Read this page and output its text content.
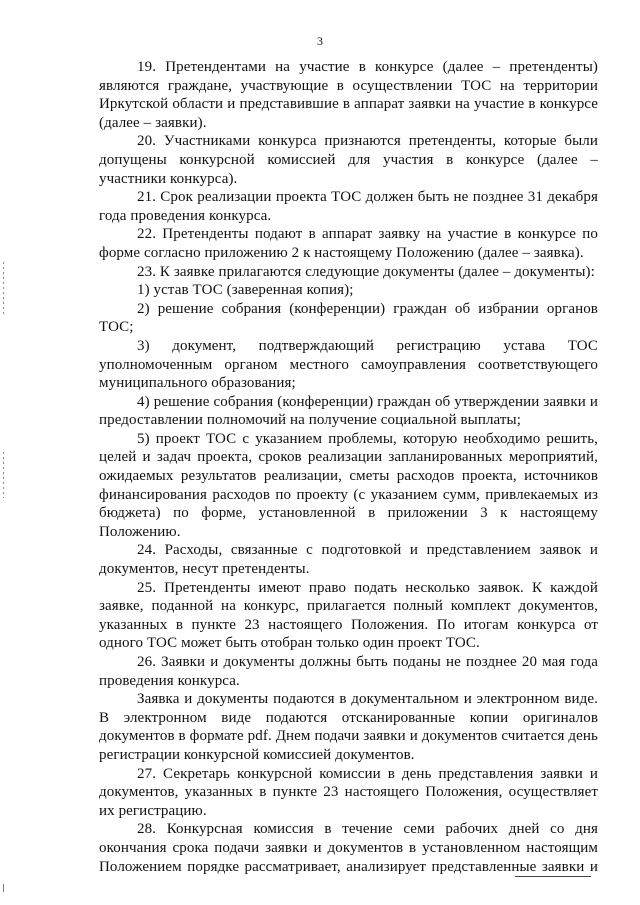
3

19. Претендентами на участие в конкурсе (далее – претенденты) являются граждане, участвующие в осуществлении ТОС на территории Иркутской области и представившие в аппарат заявки на участие в конкурсе (далее – заявки).

20. Участниками конкурса признаются претенденты, которые были допущены конкурсной комиссией для участия в конкурсе (далее – участники конкурса).

21. Срок реализации проекта ТОС должен быть не позднее 31 декабря года проведения конкурса.

22. Претенденты подают в аппарат заявку на участие в конкурсе по форме согласно приложению 2 к настоящему Положению (далее – заявка).

23. К заявке прилагаются следующие документы (далее – документы):

1) устав ТОС (заверенная копия);

2) решение собрания (конференции) граждан об избрании органов ТОС;

3) документ, подтверждающий регистрацию устава ТОС уполномоченным органом местного самоуправления соответствующего муниципального образования;

4) решение собрания (конференции) граждан об утверждении заявки и предоставлении полномочий на получение социальной выплаты;

5) проект ТОС с указанием проблемы, которую необходимо решить, целей и задач проекта, сроков реализации запланированных мероприятий, ожидаемых результатов реализации, сметы расходов проекта, источников финансирования расходов по проекту (с указанием сумм, привлекаемых из бюджета) по форме, установленной в приложении 3 к настоящему Положению.

24. Расходы, связанные с подготовкой и представлением заявок и документов, несут претенденты.

25. Претенденты имеют право подать несколько заявок. К каждой заявке, поданной на конкурс, прилагается полный комплект документов, указанных в пункте 23 настоящего Положения. По итогам конкурса от одного ТОС может быть отобран только один проект ТОС.

26. Заявки и документы должны быть поданы не позднее 20 мая года проведения конкурса.

Заявка и документы подаются в документальном и электронном виде. В электронном виде подаются отсканированные копии оригиналов документов в формате pdf. Днем подачи заявки и документов считается день регистрации конкурсной комиссией документов.

27. Секретарь конкурсной комиссии в день представления заявки и документов, указанных в пункте 23 настоящего Положения, осуществляет их регистрацию.

28. Конкурсная комиссия в течение семи рабочих дней со дня окончания срока подачи заявки и документов в установленном настоящим Положением порядке рассматривает, анализирует представленные заявки и
